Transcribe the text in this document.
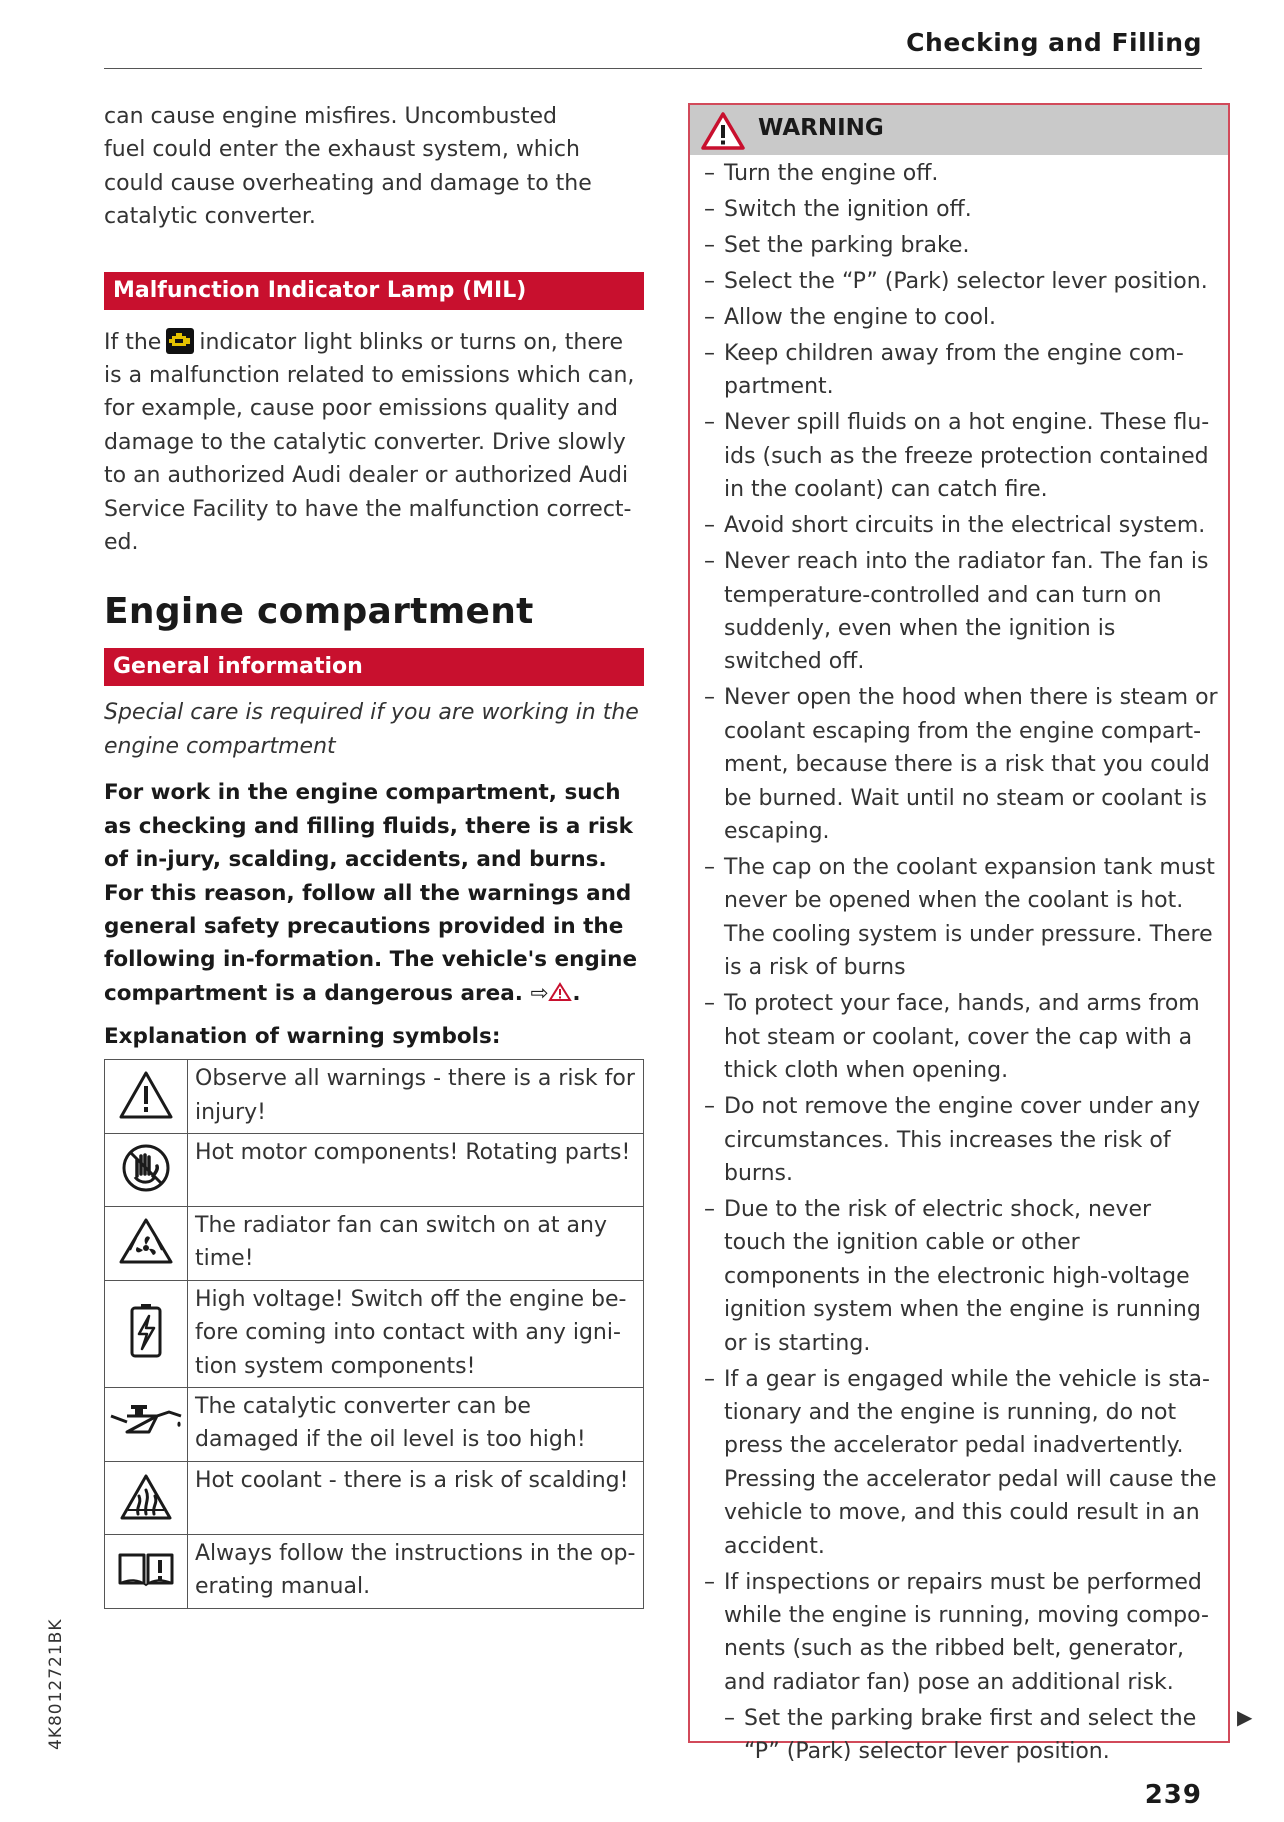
Checking and Filling

can cause engine misfires. Uncombusted fuel could enter the exhaust system, which could cause overheating and damage to the catalytic converter.

Malfunction Indicator Lamp (MIL)

If the indicator light blinks or turns on, there is a malfunction related to emissions which can, for example, cause poor emissions quality and damage to the catalytic converter. Drive slowly to an authorized Audi dealer or authorized Audi Service Facility to have the malfunction correct-ed.

Engine compartment
General information

Special care is required if you are working in the engine compartment

For work in the engine compartment, such as checking and filling fluids, there is a risk of in-jury, scalding, accidents, and burns. For this reason, follow all the warnings and general safety precautions provided in the following in-formation. The vehicle's engine compartment is a dangerous area. ⇨ .

Explanation of warning symbols:
	Observe all warnings - there is a risk for injury!
	Hot motor components! Rotating parts!
	The radiator fan can switch on at any time!
	High voltage! Switch off the engine be-fore coming into contact with any igni-tion system components!
	The catalytic converter can be damaged if the oil level is too high!
	Hot coolant - there is a risk of scalding!
	Always follow the instructions in the op-erating manual.
WARNING
– Turn the engine off.
– Switch the ignition off.
– Set the parking brake.
– Select the “P” (Park) selector lever position.
– Allow the engine to cool.
– Keep children away from the engine com-partment.
– Never spill fluids on a hot engine. These flu-ids (such as the freeze protection contained in the coolant) can catch fire.
– Avoid short circuits in the electrical system.
– Never reach into the radiator fan. The fan is temperature-controlled and can turn on suddenly, even when the ignition is switched off.
– Never open the hood when there is steam or coolant escaping from the engine compart-ment, because there is a risk that you could be burned. Wait until no steam or coolant is escaping.
– The cap on the coolant expansion tank must never be opened when the coolant is hot. The cooling system is under pressure. There is a risk of burns
– To protect your face, hands, and arms from hot steam or coolant, cover the cap with a thick cloth when opening.
– Do not remove the engine cover under any circumstances. This increases the risk of burns.
– Due to the risk of electric shock, never touch the ignition cable or other components in the electronic high-voltage ignition system when the engine is running or is starting.
– If a gear is engaged while the vehicle is sta-tionary and the engine is running, do not press the accelerator pedal inadvertently. Pressing the accelerator pedal will cause the vehicle to move, and this could result in an accident.
– If inspections or repairs must be performed while the engine is running, moving compo-nents (such as the ribbed belt, generator, and radiator fan) pose an additional risk.
– Set the parking brake first and select the “P” (Park) selector lever position.
4K8012721BK	▶
239
